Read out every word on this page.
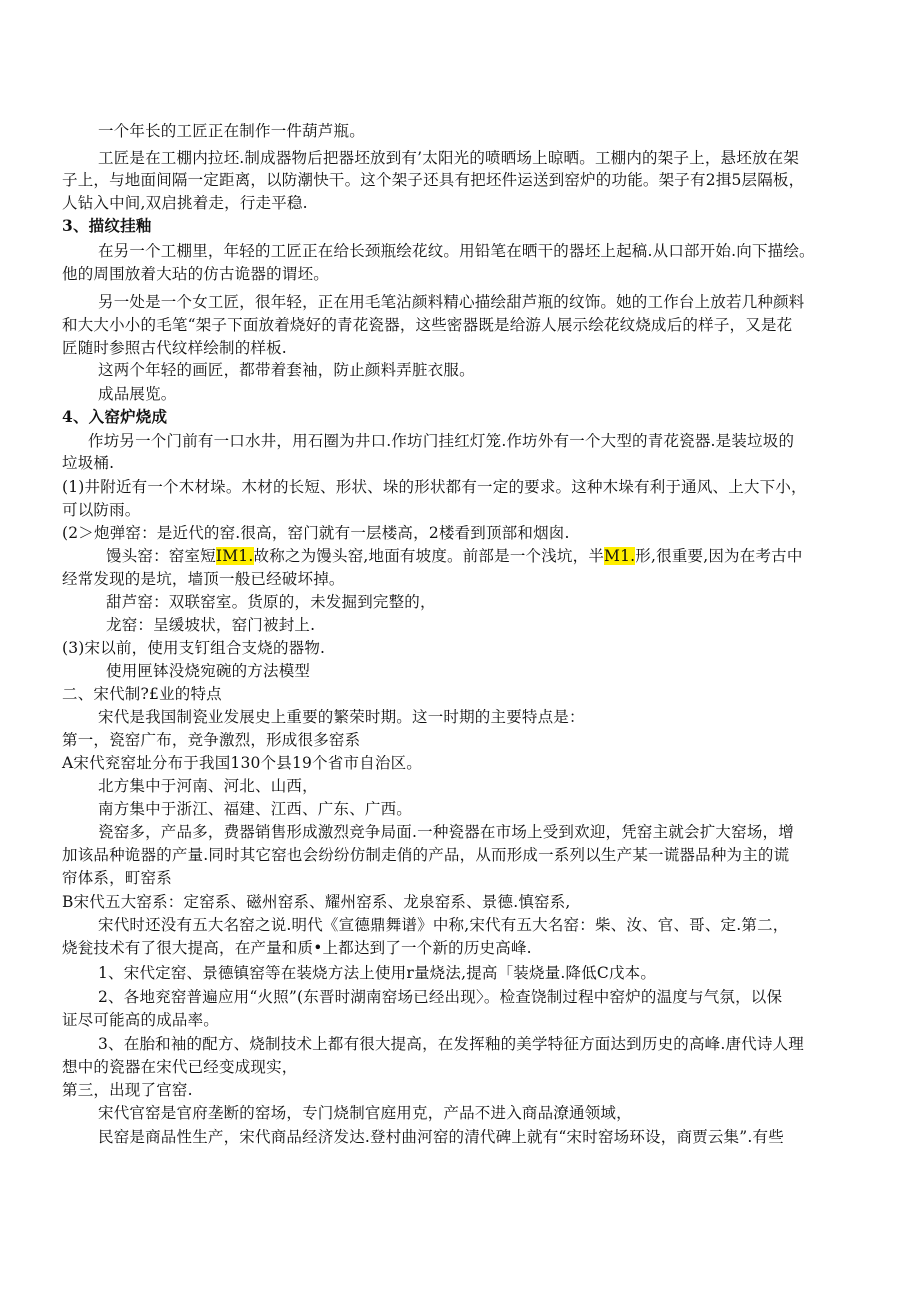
一个年长的工匠正在制作一件葫芦瓶。
工匠是在工棚内拉坯.制成器物后把器坯放到有’太阳光的喷晒场上晾晒。工棚内的架子上，悬坯放在架
子上，与地面间隔一定距离，以防潮快干。这个架子还具有把坯件运送到窑炉的功能。架子有2揖5层隔板，
人钻入中间,双启挑着走，行走平稳.
3、描纹挂釉
在另一个工棚里，年轻的工匠正在给长颈瓶绘花纹。用铅笔在晒干的器坯上起稿.从口部开始.向下描绘。
他的周围放着大玷的仿古诡器的谓坯。
另一处是一个女工匠，很年轻，正在用毛笔沾颜料精心描绘甜芦瓶的纹饰。她的工作台上放若几种颜料
和大大小小的毛笔“架子下面放着烧好的青花瓷器，这些密器既是给游人展示绘花纹烧成后的样子，又是花
匠随时参照古代纹样绘制的样板.
这两个年轻的画匠，都带着套袖，防止颜料弄脏衣服。
成品展览。
4、入窑炉烧成
作坊另一个门前有一口水井，用石圈为井口.作坊门挂红灯笼.作坊外有一个大型的青花瓷器.是装垃圾的
垃圾桶.
(1)井附近有一个木材垛。木材的长短、形状、垛的形状都有一定的要求。这种木垛有利于通风、上大下小，
可以防雨。
(2＞炮弹窑：是近代的窑.很高，窑门就有一层楼高，2楼看到顶部和烟囱.
馒头窑：窑室短IM1.故称之为馒头窑,地面有坡度。前部是一个浅坑，半M1.形,很重要,因为在考古中
经常发现的是坑，墙顶一般已经破坏掉。
甜芦窑：双联窑室。货原的，未发掘到完整的，
龙窑：呈缓坡状，窑门被封上.
(3)宋以前，使用支钉组合支烧的器物.
使用匣钵没烧宛碗的方法模型
二、宋代制?£业的特点
宋代是我国制瓷业发展史上重要的繁荣时期。这一时期的主要特点是：
第一，瓷窑广布，竞争激烈，形成很多窑系
A宋代兖窑址分布于我国130个县19个省市自治区。
北方集中于河南、河北、山西，
南方集中于浙江、福建、江西、广东、广西。
瓷窑多，产品多，费器销售形成激烈竞争局面.一种瓷器在市场上受到欢迎，凭窑主就会扩大窑场，增
加该品种诡器的产量.同时其它窑也会纷纷仿制走俏的产品，从而形成一系列以生产某一谎器品种为主的谎
帘体系，町窑系
B宋代五大窑系：定窑系、磁州窑系、耀州窑系、龙泉窑系、景德.慎窑系,
宋代时还没有五大名窑之说.明代《宣德鼎舞谱》中称,宋代有五大名窑：柴、汝、官、哥、定.第二，
烧瓮技术有了很大提高，在产量和质•上都达到了一个新的历史高峰.
1、宋代定窑、景德镇窑等在装烧方法上使用r量烧法,提高「装烧量.降低C戊本。
2、各地兖窑普遍应用“火照”(东晋时湖南窑场已经出现〉。检查饶制过程中窑炉的温度与气氛，以保
证尽可能高的成品率。
3、在胎和袖的配方、烧制技术上都有很大提高，在发挥釉的美学特征方面达到历史的高峰.唐代诗人理
想中的瓷器在宋代已经变成现实，
第三，出现了官窑.
宋代官窑是官府垄断的窑场，专门烧制官庭用克，产品不进入商品潦通领域，
民窑是商品性生产，宋代商品经济发达.登村曲河窑的清代碑上就有“宋时窑场环设，商贾云集”.有些
